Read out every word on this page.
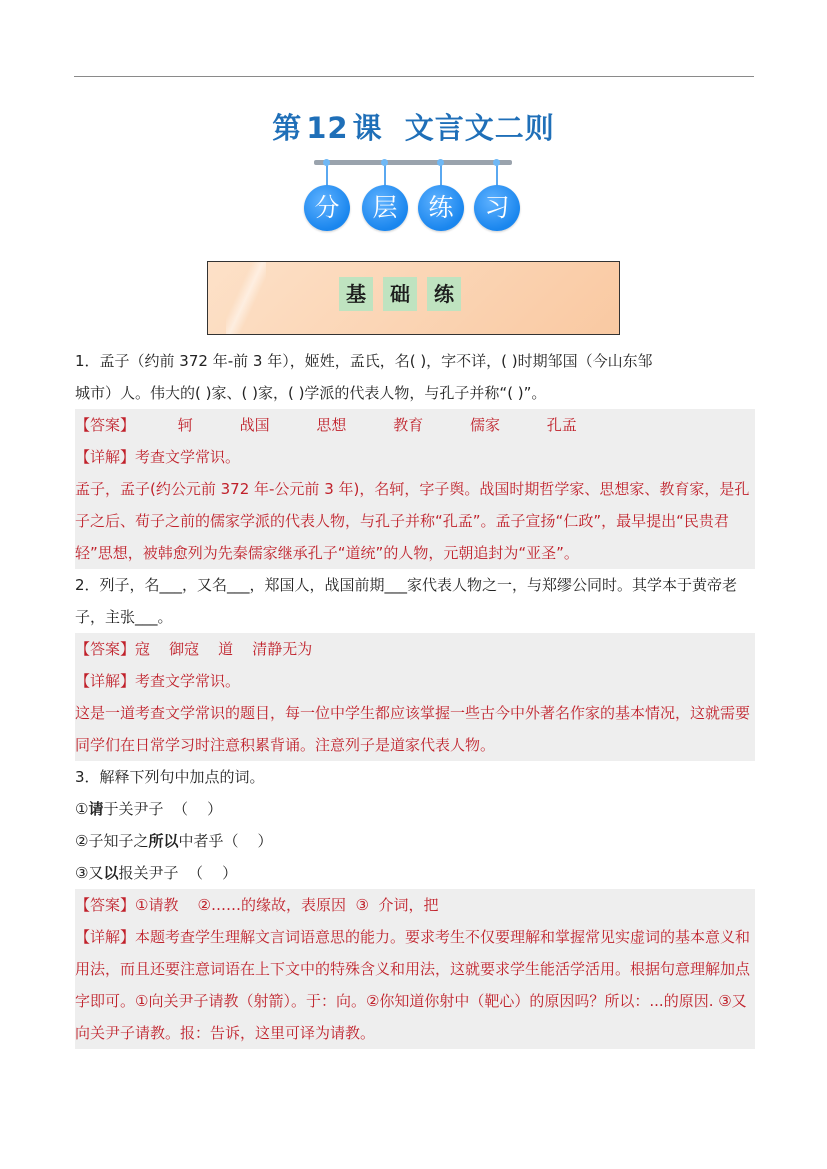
第 12 课 文言文二则
分	层	练	习
基	础	练
1．孟子（约前 372 年-前 3 年），姬姓，孟氏，名( )，字不详，( )时期邹国（今山东邹
城市）人。伟大的( )家、( )家，( )学派的代表人物，与孔子并称“( )”。
【答案】	轲	战国	思想	教育	儒家	孔孟
【详解】考查文学常识。
孟子，孟子(约公元前 372 年-公元前 3 年)，名轲，字子舆。战国时期哲学家、思想家、教育家，是孔子之后、荀子之前的儒家学派的代表人物，与孔子并称“孔孟”。孟子宣扬“仁政”，最早提出“民贵君轻”思想，被韩愈列为先秦儒家继承孔子“道统”的人物，元朝追封为“亚圣”。
2．列子，名___，又名___，郑国人，战国前期___家代表人物之一，与郑缪公同时。其学本于黄帝老子，主张___。
【答案】寇    御寇    道    清静无为
【详解】考查文学常识。
这是一道考查文学常识的题目，每一位中学生都应该掌握一些古今中外著名作家的基本情况，这就需要同学们在日常学习时注意积累背诵。注意列子是道家代表人物。
3．解释下列句中加点的词。
①请于关尹子  （    ）
②子知子之所以中者乎（    ）
③又以报关尹子  （    ）
【答案】①请教    ②……的缘故，表原因  ③  介词，把
【详解】本题考查学生理解文言词语意思的能力。要求考生不仅要理解和掌握常见实虚词的基本意义和用法，而且还要注意词语在上下文中的特殊含义和用法，这就要求学生能活学活用。根据句意理解加点字即可。①向关尹子请教（射箭）。于：向。②你知道你射中（靶心）的原因吗？所以：...的原因. ③又向关尹子请教。报：告诉，这里可译为请教。
